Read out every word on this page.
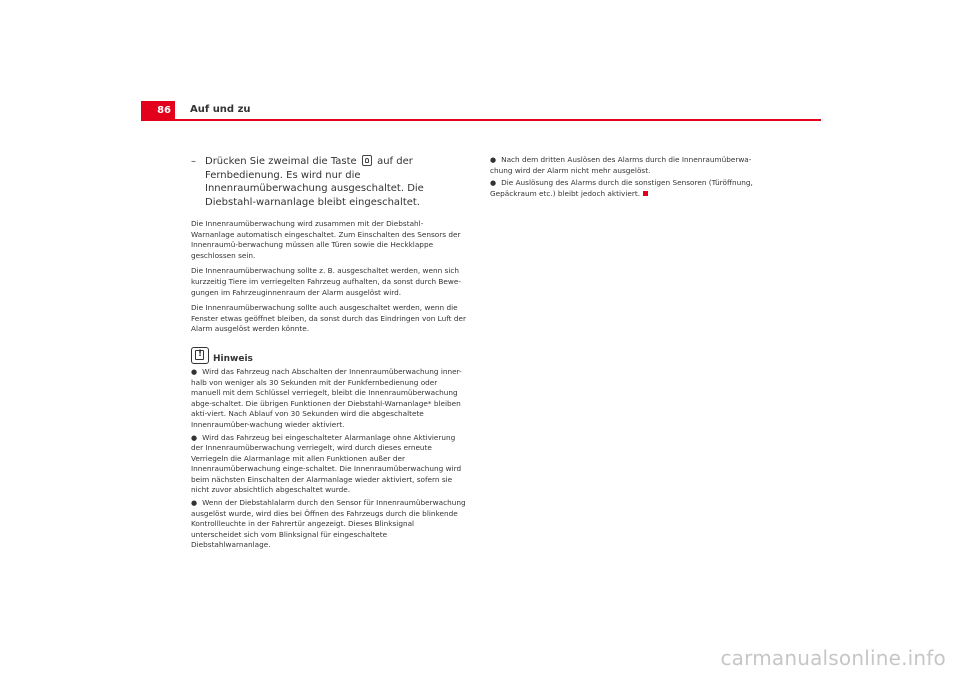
86	Auf und zu
– Drücken Sie zweimal die Taste auf der Fernbedienung. Es wird nur die Innenraumüberwachung ausgeschaltet. Die Diebstahl-warnanlage bleibt eingeschaltet.

Die Innenraumüberwachung wird zusammen mit der Diebstahl-Warnanlage automatisch eingeschaltet. Zum Einschalten des Sensors der Innenraumü-berwachung müssen alle Türen sowie die Heckklappe geschlossen sein.

Die Innenraumüberwachung sollte z. B. ausgeschaltet werden, wenn sich kurzzeitig Tiere im verriegelten Fahrzeug aufhalten, da sonst durch Bewe-gungen im Fahrzeuginnenraum der Alarm ausgelöst wird.

Die Innenraumüberwachung sollte auch ausgeschaltet werden, wenn die Fenster etwas geöffnet bleiben, da sonst durch das Eindringen von Luft der Alarm ausgelöst werden könnte.

!
Hinweis

● Wird das Fahrzeug nach Abschalten der Innenraumüberwachung inner-halb von weniger als 30 Sekunden mit der Funkfernbedienung oder manuell mit dem Schlüssel verriegelt, bleibt die Innenraumüberwachung abge-schaltet. Die übrigen Funktionen der Diebstahl-Warnanlage* bleiben akti-viert. Nach Ablauf von 30 Sekunden wird die abgeschaltete Innenraumüber-wachung wieder aktiviert.

● Wird das Fahrzeug bei eingeschalteter Alarmanlage ohne Aktivierung der Innenraumüberwachung verriegelt, wird durch dieses erneute Verriegeln die Alarmanlage mit allen Funktionen außer der Innenraumüberwachung einge-schaltet. Die Innenraumüberwachung wird beim nächsten Einschalten der Alarmanlage wieder aktiviert, sofern sie nicht zuvor absichtlich abgeschaltet wurde.

● Wenn der Diebstahlalarm durch den Sensor für Innenraumüberwachung ausgelöst wurde, wird dies bei Öffnen des Fahrzeugs durch die blinkende Kontrollleuchte in der Fahrertür angezeigt. Dieses Blinksignal unterscheidet sich vom Blinksignal für eingeschaltete Diebstahlwarnanlage.

● Nach dem dritten Auslösen des Alarms durch die Innenraumüberwa-chung wird der Alarm nicht mehr ausgelöst.

● Die Auslösung des Alarms durch die sonstigen Sensoren (Türöffnung, Gepäckraum etc.) bleibt jedoch aktiviert.

carmanualsonline.info
